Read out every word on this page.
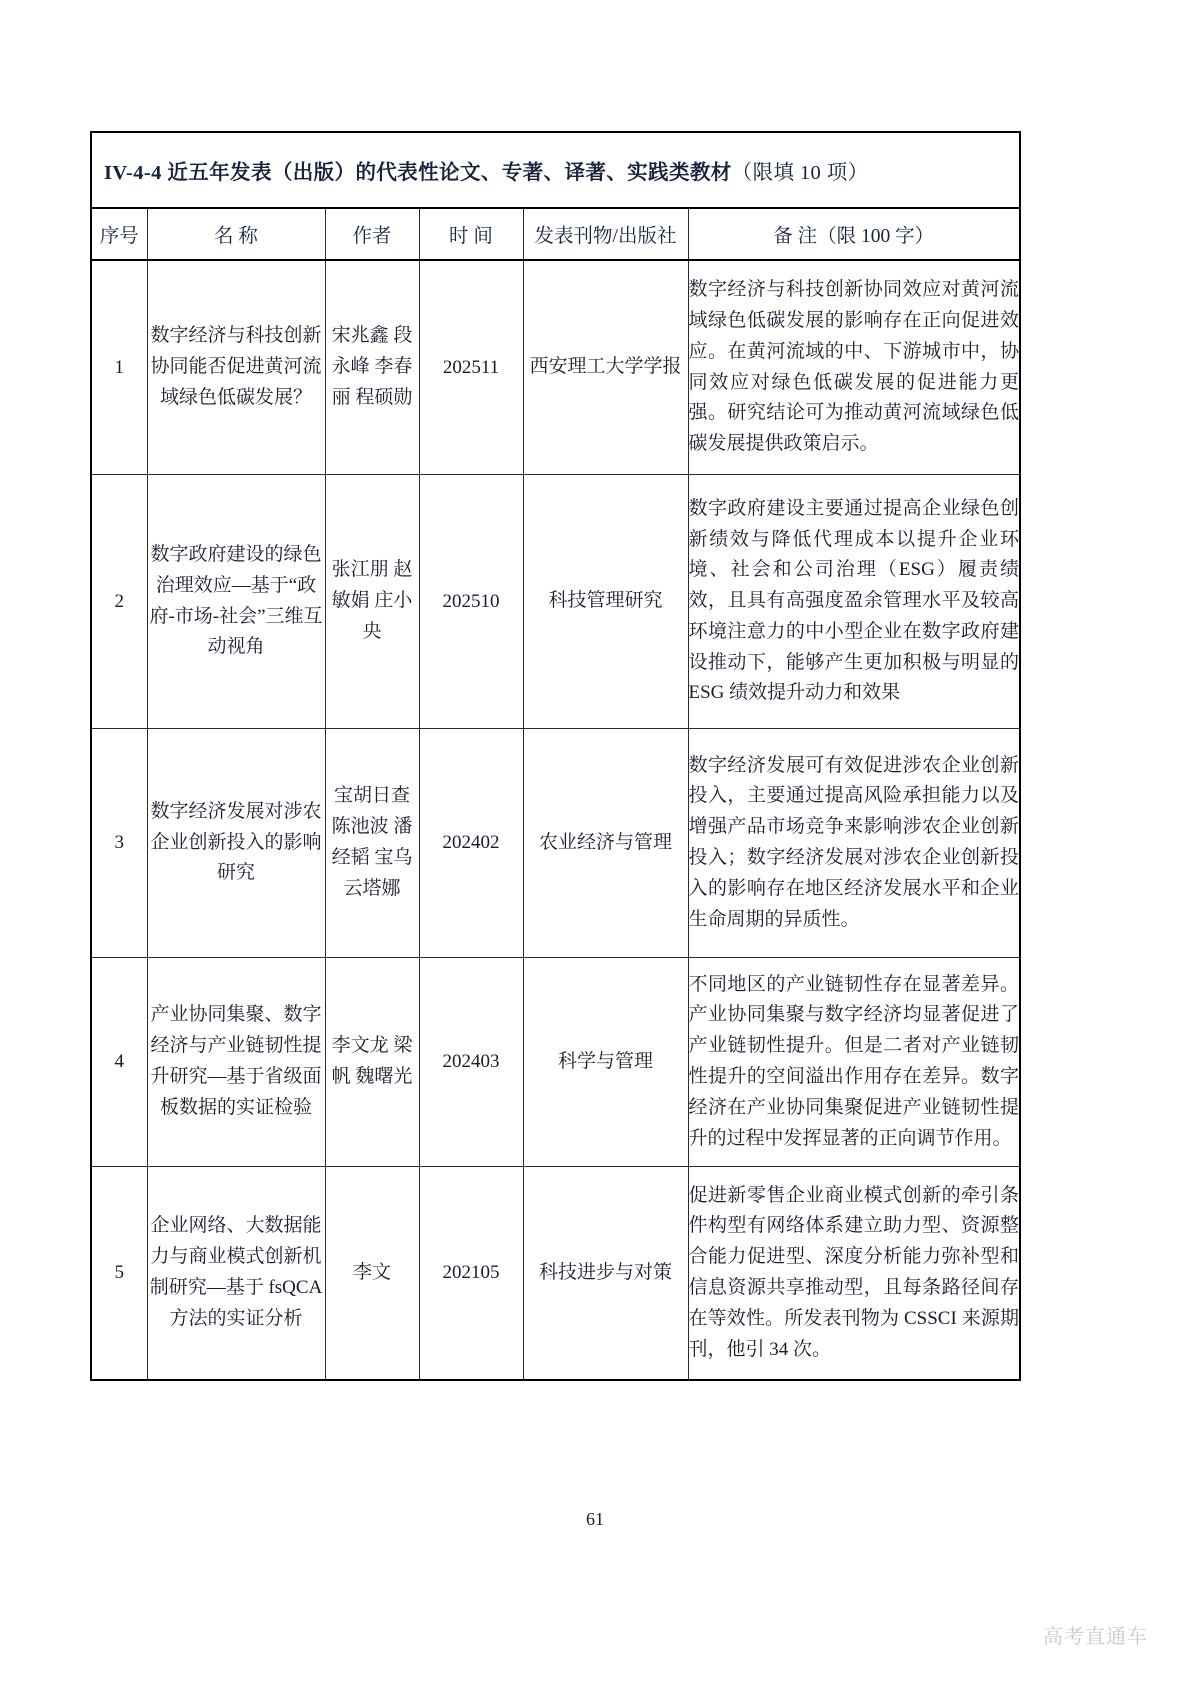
IV-4-4 近五年发表（出版）的代表性论文、专著、译著、实践类教材（限填 10 项）					
序号	名 称	作者	时 间	发表刊物/出版社	备 注（限 100 字）
1	数字经济与科技创新协同能否促进黄河流域绿色低碳发展？	宋兆鑫 段永峰 李春丽 程硕勋	202511	西安理工大学学报	数字经济与科技创新协同效应对黄河流域绿色低碳发展的影响存在正向促进效应。在黄河流域的中、下游城市中，协同效应对绿色低碳发展的促进能力更强。研究结论可为推动黄河流域绿色低碳发展提供政策启示。
2	数字政府建设的绿色治理效应—基于“政府-市场-社会”三维互动视角	张江朋 赵敏娟 庄小央	202510	科技管理研究	数字政府建设主要通过提高企业绿色创新绩效与降低代理成本以提升企业环境、社会和公司治理（ESG）履责绩效，且具有高强度盈余管理水平及较高环境注意力的中小型企业在数字政府建设推动下，能够产生更加积极与明显的 ESG 绩效提升动力和效果
3	数字经济发展对涉农企业创新投入的影响研究	宝胡日查 陈池波 潘经韬 宝乌云塔娜	202402	农业经济与管理	数字经济发展可有效促进涉农企业创新投入，主要通过提高风险承担能力以及增强产品市场竞争来影响涉农企业创新投入；数字经济发展对涉农企业创新投入的影响存在地区经济发展水平和企业生命周期的异质性。
4	产业协同集聚、数字经济与产业链韧性提升研究—基于省级面板数据的实证检验	李文龙 梁帆 魏曙光	202403	科学与管理	不同地区的产业链韧性存在显著差异。产业协同集聚与数字经济均显著促进了产业链韧性提升。但是二者对产业链韧性提升的空间溢出作用存在差异。数字经济在产业协同集聚促进产业链韧性提升的过程中发挥显著的正向调节作用。
5	企业网络、大数据能力与商业模式创新机制研究—基于 fsQCA 方法的实证分析	李文	202105	科技进步与对策	促进新零售企业商业模式创新的牵引条件构型有网络体系建立助力型、资源整合能力促进型、深度分析能力弥补型和信息资源共享推动型，且每条路径间存在等效性。所发表刊物为 CSSCI 来源期刊，他引 34 次。
61
高考直通车
